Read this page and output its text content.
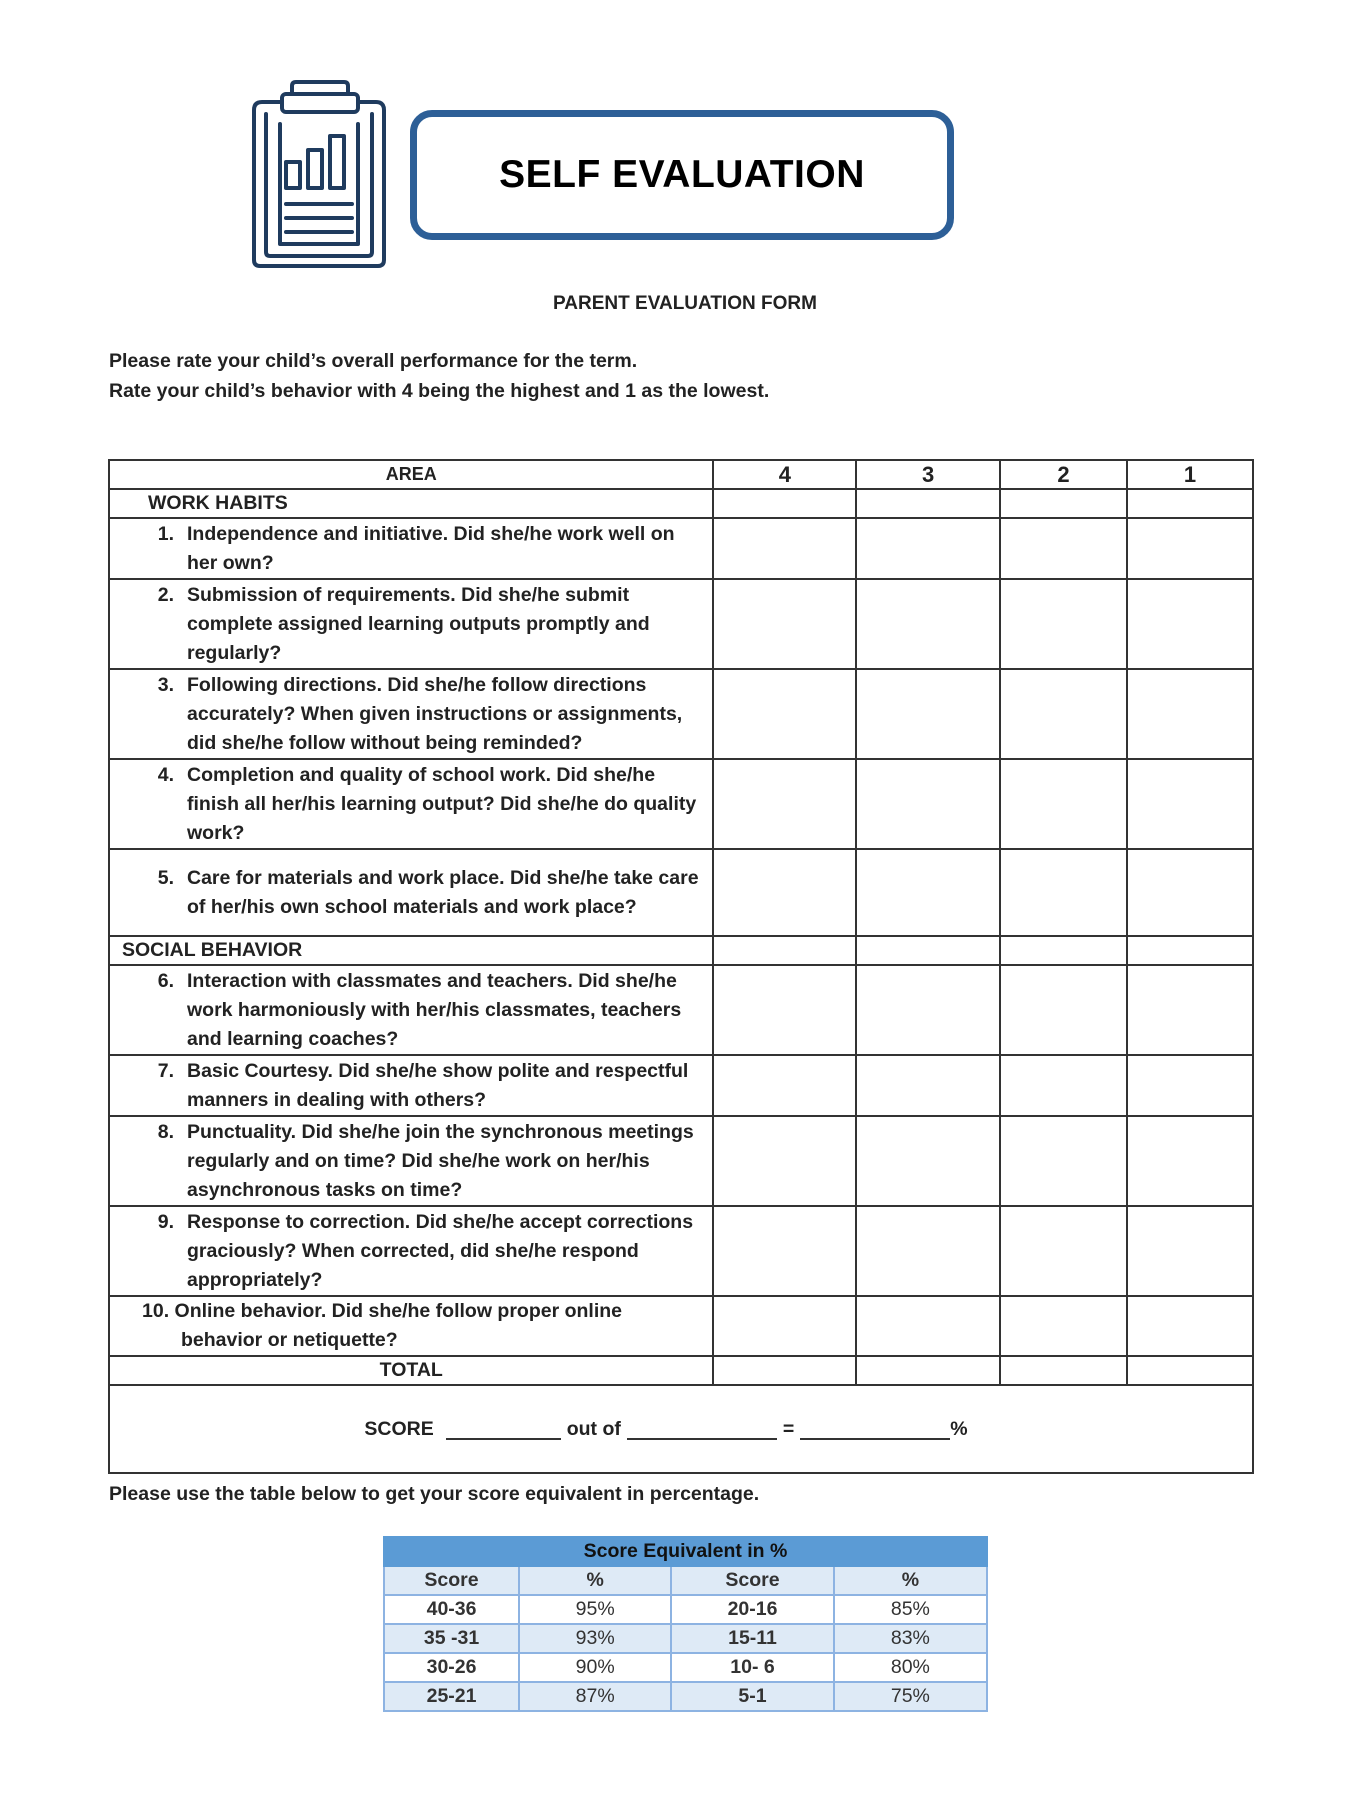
SELF EVALUATION
PARENT EVALUATION FORM
Please rate your child’s overall performance for the term.
Rate your child’s behavior with 4 being the highest and 1 as the lowest.
AREA	4	3	2	1

WORK HABITS				

1. Independence and initiative. Did she/he work well on her own?				

2. Submission of requirements. Did she/he submit complete assigned learning outputs promptly and regularly?				

3. Following directions. Did she/he follow directions accurately? When given instructions or assignments, did she/he follow without being reminded?				

4. Completion and quality of school work. Did she/he finish all her/his learning output? Did she/he do quality work?				

5. Care for materials and work place. Did she/he take care of her/his own school materials and work place?				

SOCIAL BEHAVIOR				

6. Interaction with classmates and teachers. Did she/he work harmoniously with her/his classmates, teachers and learning coaches?				

7. Basic Courtesy. Did she/he show polite and respectful manners in dealing with others?				

8. Punctuality. Did she/he join the synchronous meetings regularly and on time? Did she/he work on her/his asynchronous tasks on time?				

9. Response to correction. Did she/he accept corrections graciously? When corrected, did she/he respond appropriately?				

10. Online behavior. Did she/he follow proper online
behavior or netiquette?				

TOTAL				

SCORE out of = %				
Please use the table below to get your score equivalent in percentage.
Score Equivalent in %			
Score	%	Score	%
40-36	95%	20-16	85%
35 -31	93%	15-11	83%
30-26	90%	10- 6	80%
25-21	87%	5-1	75%
